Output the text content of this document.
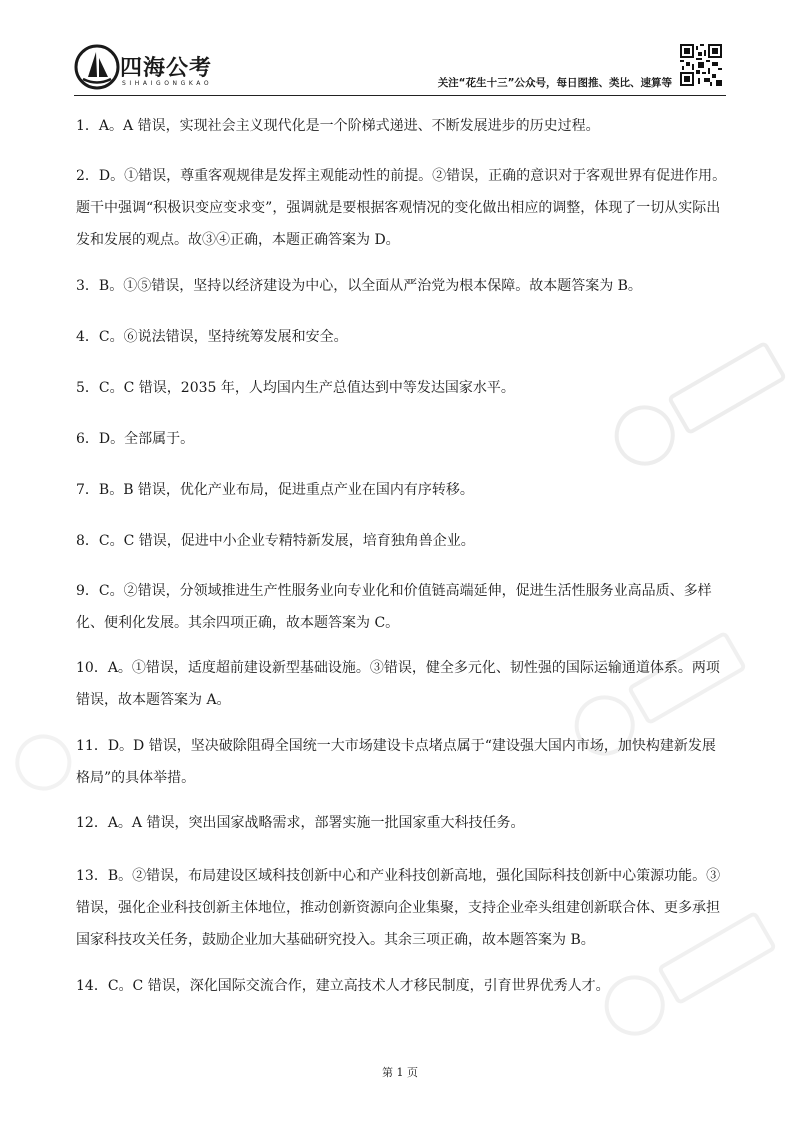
四海公考
SIHAIGONGKAO	关注“花生十三”公众号，每日图推、类比、速算等
1．A。A 错误，实现社会主义现代化是一个阶梯式递进、不断发展进步的历史过程。
2．D。①错误，尊重客观规律是发挥主观能动性的前提。②错误，正确的意识对于客观世界有促进作用。题干中强调“积极识变应变求变”，强调就是要根据客观情况的变化做出相应的调整，体现了一切从实际出发和发展的观点。故③④正确，本题正确答案为 D。
3．B。①⑤错误，坚持以经济建设为中心，以全面从严治党为根本保障。故本题答案为 B。
4．C。⑥说法错误，坚持统筹发展和安全。
5．C。C 错误，2035 年，人均国内生产总值达到中等发达国家水平。
6．D。全部属于。
7．B。B 错误，优化产业布局，促进重点产业在国内有序转移。
8．C。C 错误，促进中小企业专精特新发展，培育独角兽企业。
9．C。②错误，分领域推进生产性服务业向专业化和价值链高端延伸，促进生活性服务业高品质、多样化、便利化发展。其余四项正确，故本题答案为 C。
10．A。①错误，适度超前建设新型基础设施。③错误，健全多元化、韧性强的国际运输通道体系。两项错误，故本题答案为 A。
11．D。D 错误，坚决破除阻碍全国统一大市场建设卡点堵点属于“建设强大国内市场，加快构建新发展格局”的具体举措。
12．A。A 错误，突出国家战略需求，部署实施一批国家重大科技任务。
13．B。②错误，布局建设区域科技创新中心和产业科技创新高地，强化国际科技创新中心策源功能。③错误，强化企业科技创新主体地位，推动创新资源向企业集聚，支持企业牵头组建创新联合体、更多承担国家科技攻关任务，鼓励企业加大基础研究投入。其余三项正确，故本题答案为 B。
14．C。C 错误，深化国际交流合作，建立高技术人才移民制度，引育世界优秀人才。
第 1 页
